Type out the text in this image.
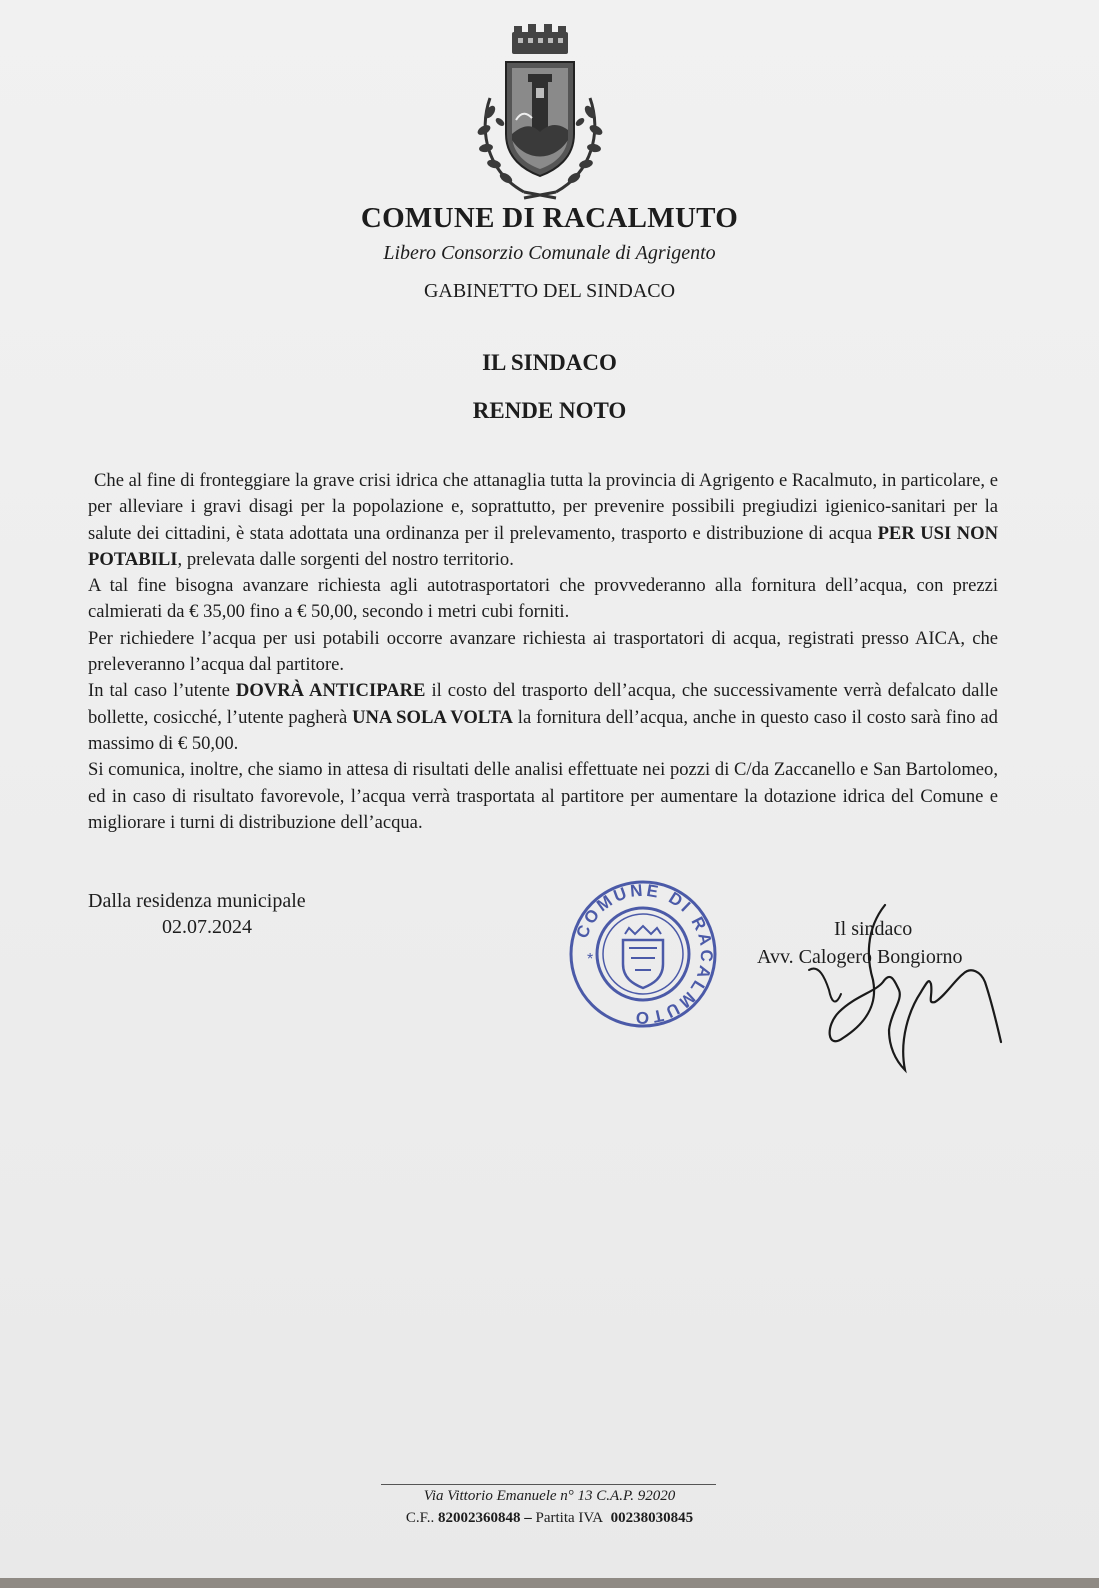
COMUNE DI RACALMUTO
Libero Consorzio Comunale di Agrigento
GABINETTO DEL SINDACO
IL SINDACO
RENDE NOTO

Che al fine di fronteggiare la grave crisi idrica che attanaglia tutta la provincia di Agrigento e Racalmuto, in particolare, e per alleviare i gravi disagi per la popolazione e, soprattutto, per prevenire possibili pregiudizi igienico-sanitari per la salute dei cittadini, è stata adottata una ordinanza per il prelevamento, trasporto e distribuzione di acqua PER USI NON POTABILI, prelevata dalle sorgenti del nostro territorio.

A tal fine bisogna avanzare richiesta agli autotrasportatori che provvederanno alla fornitura dell’acqua, con prezzi calmierati da € 35,00 fino a € 50,00, secondo i metri cubi forniti.

Per richiedere l’acqua per usi potabili occorre avanzare richiesta ai trasportatori di acqua, registrati presso AICA, che preleveranno l’acqua dal partitore.

In tal caso l’utente DOVRÀ ANTICIPARE il costo del trasporto dell’acqua, che successivamente verrà defalcato dalle bollette, cosicché, l’utente pagherà UNA SOLA VOLTA la fornitura dell’acqua, anche in questo caso il costo sarà fino ad massimo di € 50,00.

Si comunica, inoltre, che siamo in attesa di risultati delle analisi effettuate nei pozzi di C/da Zaccanello e San Bartolomeo, ed in caso di risultato favorevole, l’acqua verrà trasportata al partitore per aumentare la dotazione idrica del Comune e migliorare i turni di distribuzione dell’acqua.

Dalla residenza municipale
02.07.2024	COMUNE DI RACALMUTO
*
Il sindaco
Avv. Calogero Bongiorno
Via Vittorio Emanuele n° 13 C.A.P. 92020
C.F.. 82002360848 – Partita IVA 00238030845
